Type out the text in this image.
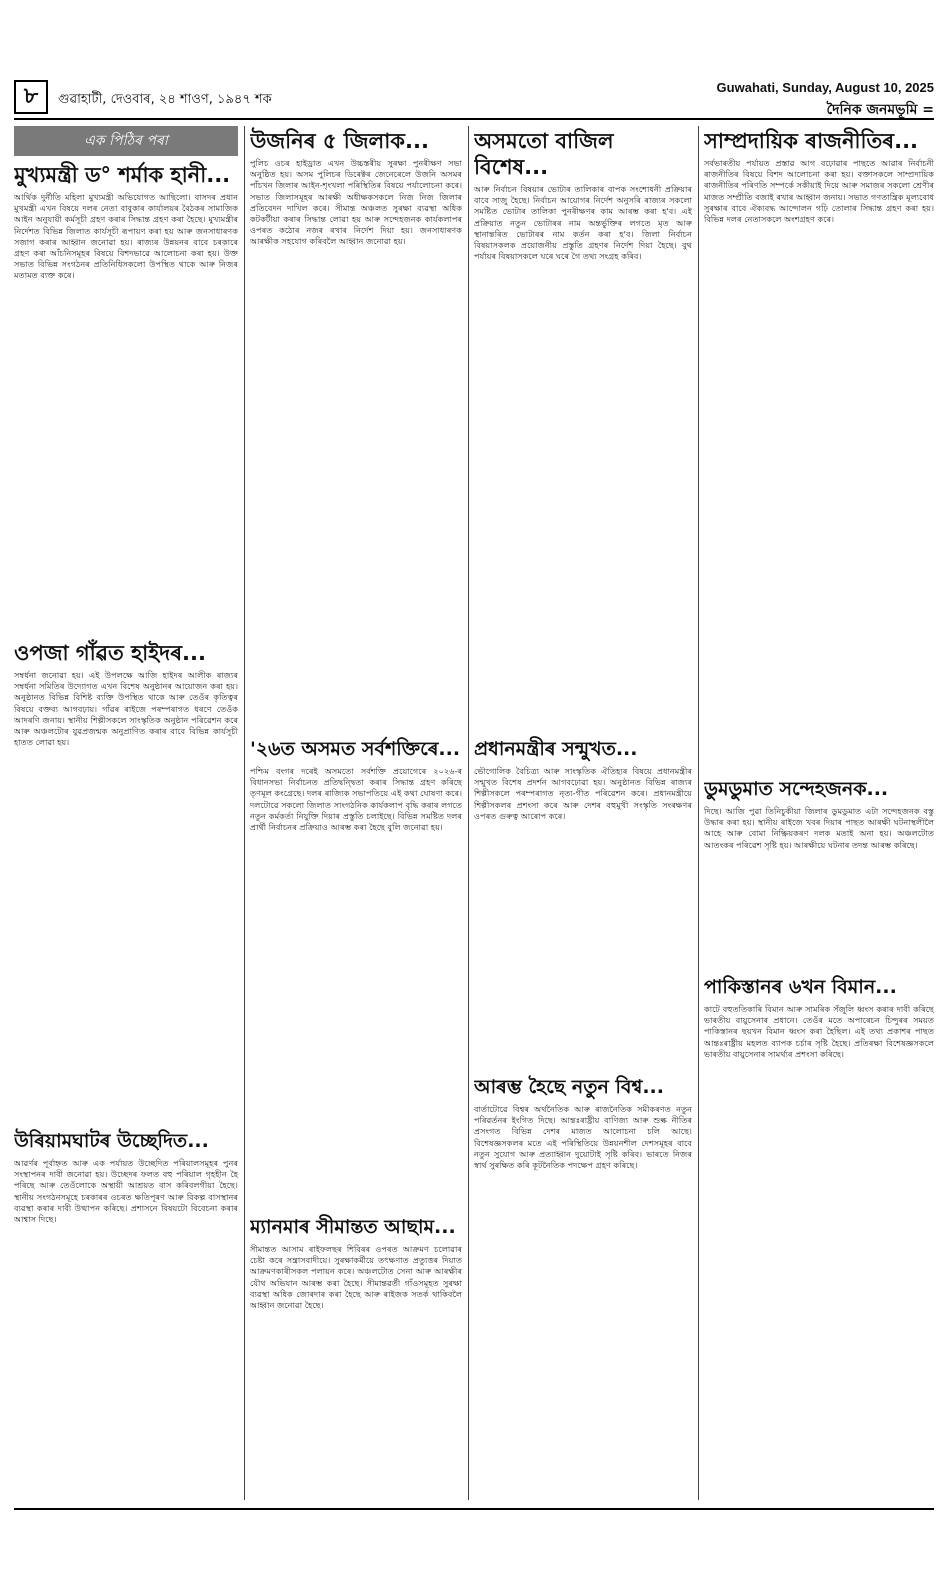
৮	গুৱাহাটী, দেওবাৰ, ২৪ শাওণ, ১৯৪৭ শক
Guwahati, Sunday, August 10, 2025
দৈনিক জনমভূমি =
এক পিঠিৰ পৰা
মুখ্যমন্ত্ৰী ড° শৰ্মাক হানী...
আৰ্থিক দুৰ্নীতি মহিলা মুখ্যমন্ত্ৰী অভিযোগত আছিলো। বাসদৰ প্ৰধান মুখমন্ত্ৰী এখন বিষয়ে দলৰ নেতা বাবুকাৰ কাৰ্যালয়ৰ বৈঠকৰ সামাজিক আইন অনুযায়ী কৰ্মসূচী গ্ৰহণ কৰাৰ সিদ্ধান্ত গ্ৰহণ কৰা হৈছে। মুখ্যমন্ত্ৰীৰ নিৰ্দেশত বিভিন্ন জিলাত কাৰ্যসূচী ৰূপায়ণ কৰা হয় আৰু জনসাধাৰণক সজাগ কৰাৰ আহ্বান জনোৱা হয়। ৰাজ্যৰ উন্নয়নৰ বাবে চৰকাৰে গ্ৰহণ কৰা আঁচনিসমূহৰ বিষয়ে বিশদভাৱে আলোচনা কৰা হয়। উক্ত সভাত বিভিন্ন সংগঠনৰ প্ৰতিনিধিসকলো উপস্থিত থাকে আৰু নিজৰ মতামত ব্যক্ত কৰে।
ওপজা গাঁৱত হাইদৰ...
সম্বৰ্ধনা জনোৱা হয়। এই উপলক্ষে আজি হাইদৰ আলীক ৰাজ্যৰ সম্বৰ্ধনা সমিতিৰ উদ্যোগত এখন বিশেষ অনুষ্ঠানৰ আয়োজন কৰা হয়। অনুষ্ঠানত বিভিন্ন বিশিষ্ট ব্যক্তি উপস্থিত থাকে আৰু তেওঁৰ কৃতিত্বৰ বিষয়ে বক্তব্য আগবঢ়ায়। গাঁৱৰ ৰাইজে পৰম্পৰাগত ধৰণে তেওঁক আদৰণি জনায়। স্থানীয় শিল্পীসকলে সাংস্কৃতিক অনুষ্ঠান পৰিৱেশন কৰে আৰু অঞ্চলটোৰ যুৱপ্ৰজন্মক অনুপ্ৰাণিত কৰাৰ বাবে বিভিন্ন কাৰ্যসূচী হাতত লোৱা হয়।
উৰিয়ামঘাটৰ উচ্ছেদিত...
আৱৰ্ণৰ পূৰ্বাহ্নত আৰু এক পৰ্যায়ত উচ্ছেদিত পৰিয়ালসমূহৰ পুনৰ সংস্থাপনৰ দাবী জনোৱা হয়। উচ্ছেদৰ ফলত বহু পৰিয়াল গৃহহীন হৈ পৰিছে আৰু তেওঁলোকে অস্থায়ী আশ্ৰয়ত বাস কৰিবলগীয়া হৈছে। স্থানীয় সংগঠনসমূহে চৰকাৰৰ ওচৰত ক্ষতিপূৰণ আৰু বিকল্প বাসস্থানৰ ব্যৱস্থা কৰাৰ দাবী উত্থাপন কৰিছে। প্ৰশাসনে বিষয়টো বিবেচনা কৰাৰ আশ্বাস দিছে।
উজনিৰ ৫ জিলাক...
পুলিচ ওচৰ হাইড্ৰাত এখন উচ্চস্তৰীয় সুৰক্ষা পুনৰীক্ষণ সভা অনুষ্ঠিত হয়। অসম পুলিচৰ ডিৰেক্টৰ জেনেৰেলে উজনি অসমৰ পাঁচখন জিলাৰ আইন-শৃংখলা পৰিস্থিতিৰ বিষয়ে পৰ্যালোচনা কৰে। সভাত জিলাসমূহৰ আৰক্ষী অধীক্ষকসকলে নিজ নিজ জিলাৰ প্ৰতিবেদন দাখিল কৰে। সীমান্ত অঞ্চলত সুৰক্ষা ব্যৱস্থা অধিক কটকটীয়া কৰাৰ সিদ্ধান্ত লোৱা হয় আৰু সন্দেহজনক কাৰ্যকলাপৰ ওপৰত কঠোৰ নজৰ ৰখাৰ নিৰ্দেশ দিয়া হয়। জনসাধাৰণক আৰক্ষীক সহযোগ কৰিবলৈ আহ্বান জনোৱা হয়।
'২৬ত অসমত সৰ্বশক্তিৰে...
পশ্চিম বংগৰ দৰেই অসমতো সৰ্বশক্তি প্ৰয়োগেৰে ২০২৬-ৰ বিধানসভা নিৰ্বাচনত প্ৰতিদ্বন্দ্বিতা কৰাৰ সিদ্ধান্ত গ্ৰহণ কৰিছে তৃণমূল কংগ্ৰেছে। দলৰ ৰাজ্যিক সভাপতিয়ে এই কথা ঘোষণা কৰে। দলটোৱে সকলো জিলাত সাংগঠনিক কাৰ্যকলাপ বৃদ্ধি কৰাৰ লগতে নতুন কৰ্মকৰ্তা নিযুক্তি দিয়াৰ প্ৰস্তুতি চলাইছে। বিভিন্ন সমষ্টিত দলৰ প্ৰাৰ্থী নিৰ্বাচনৰ প্ৰক্ৰিয়াও আৰম্ভ কৰা হৈছে বুলি জনোৱা হয়।
ম্যানমাৰ সীমান্তত আছাম...
সীমান্তত আসাম ৰাইফলছৰ শিবিৰৰ ওপৰত আক্ৰমণ চলোৱাৰ চেষ্টা কৰে সন্ত্ৰাসবাদীয়ে। সুৰক্ষাকৰ্মীয়ে তৎক্ষণাত প্ৰত্যুত্তৰ দিয়াত আক্ৰমণকাৰীসকল পলায়ন কৰে। অঞ্চলটোত সেনা আৰু আৰক্ষীৰ যৌথ অভিযান আৰম্ভ কৰা হৈছে। সীমান্তৱৰ্তী গাঁওসমূহত সুৰক্ষা ব্যৱস্থা অধিক জোৰদাৰ কৰা হৈছে আৰু ৰাইজক সতৰ্ক থাকিবলৈ আহ্বান জনোৱা হৈছে।
অসমতো বাজিল বিশেষ...
আৰু নিৰ্বাচন বিষয়াৰ ভোটাৰ তালিকাৰ বাপক সংশোধনী প্ৰক্ৰিয়াৰ বাবে সাজু হৈছে। নিৰ্বাচন আয়োগৰ নিৰ্দেশ অনুসৰি ৰাজ্যৰ সকলো সমষ্টিত ভোটাৰ তালিকা পুনৰীক্ষণৰ কাম আৰম্ভ কৰা হ'ব। এই প্ৰক্ৰিয়াত নতুন ভোটাৰৰ নাম অন্তৰ্ভুক্তিৰ লগতে মৃত আৰু স্থানান্তৰিত ভোটাৰৰ নাম কৰ্তন কৰা হ'ব। জিলা নিৰ্বাচন বিষয়াসকলক প্ৰয়োজনীয় প্ৰস্তুতি গ্ৰহণৰ নিৰ্দেশ দিয়া হৈছে। বুথ পৰ্যায়ৰ বিষয়াসকলে ঘৰে ঘৰে গৈ তথ্য সংগ্ৰহ কৰিব।
প্ৰধানমন্ত্ৰীৰ সন্মুখত...
ভৌগোলিক বৈচিত্ৰ্য আৰু সাংস্কৃতিক ঐতিহ্যৰ বিষয়ে প্ৰধানমন্ত্ৰীৰ সন্মুখত বিশেষ প্ৰদৰ্শন আগবঢ়োৱা হয়। অনুষ্ঠানত বিভিন্ন ৰাজ্যৰ শিল্পীসকলে পৰম্পৰাগত নৃত্য-গীত পৰিৱেশন কৰে। প্ৰধানমন্ত্ৰীয়ে শিল্পীসকলৰ প্ৰশংসা কৰে আৰু দেশৰ বহুমুখী সংস্কৃতি সংৰক্ষণৰ ওপৰত গুৰুত্ব আৰোপ কৰে।
আৰম্ভ হৈছে নতুন বিশ্ব...
বাৰ্তাটোৱে বিশ্বৰ অৰ্থনৈতিক আৰু ৰাজনৈতিক সমীকৰণত নতুন পৰিৱৰ্তনৰ ইংগিত দিছে। আন্তঃৰাষ্ট্ৰীয় বাণিজ্য আৰু শুল্ক নীতিৰ প্ৰসংগত বিভিন্ন দেশৰ মাজত আলোচনা চলি আছে। বিশেষজ্ঞসকলৰ মতে এই পৰিস্থিতিয়ে উন্নয়নশীল দেশসমূহৰ বাবে নতুন সুযোগ আৰু প্ৰত্যাহ্বান দুয়োটাই সৃষ্টি কৰিব। ভাৰতে নিজৰ স্বাৰ্থ সুৰক্ষিত কৰি কূটনৈতিক পদক্ষেপ গ্ৰহণ কৰিছে।
সাম্প্ৰদায়িক ৰাজনীতিৰ...
সৰ্বভাৰতীয় পৰ্যায়ত প্ৰস্তাৱ আগ বঢ়োৱাৰ পাছতে আৱাৰ নিৰ্বাচনী ৰাজনীতিৰ বিষয়ে বিশদ আলোচনা কৰা হয়। বক্তাসকলে সাম্প্ৰদায়িক ৰাজনীতিৰ পৰিণতি সম্পৰ্কে সকীয়াই দিয়ে আৰু সমাজৰ সকলো শ্ৰেণীৰ মাজত সম্প্ৰীতি বজাই ৰখাৰ আহ্বান জনায়। সভাত গণতান্ত্ৰিক মূল্যবোধ সুৰক্ষাৰ বাবে ঐক্যবদ্ধ আন্দোলন গঢ়ি তোলাৰ সিদ্ধান্ত গ্ৰহণ কৰা হয়। বিভিন্ন দলৰ নেতাসকলে অংশগ্ৰহণ কৰে।
ডুমডুমাত সন্দেহজনক...
দিছে। আজি পুৱা তিনিচুকীয়া জিলাৰ ডুমডুমাত এটা সন্দেহজনক বস্তু উদ্ধাৰ কৰা হয়। স্থানীয় ৰাইজে খবৰ দিয়াৰ পাছত আৰক্ষী ঘটনাস্থলীলৈ আহে আৰু বোমা নিষ্ক্ৰিয়কৰণ দলক মতাই অনা হয়। অঞ্চলটোত আতংকৰ পৰিৱেশ সৃষ্টি হয়। আৰক্ষীয়ে ঘটনাৰ তদন্ত আৰম্ভ কৰিছে।
পাকিস্তানৰ ৬খন বিমান...
কাটে বহুততিকাৰি বিমান আৰু সামৰিক সঁজুলি ধ্বংস কৰাৰ দাবী কৰিছে ভাৰতীয় বায়ুসেনাৰ প্ৰধানে। তেওঁৰ মতে অপাৰেচন চিন্দুৰৰ সময়ত পাকিস্তানৰ ছয়খন বিমান ধ্বংস কৰা হৈছিল। এই তথ্য প্ৰকাশৰ পাছত আন্তঃৰাষ্ট্ৰীয় মহলত ব্যাপক চৰ্চাৰ সৃষ্টি হৈছে। প্ৰতিৰক্ষা বিশেষজ্ঞসকলে ভাৰতীয় বায়ুসেনাৰ সামৰ্থ্যৰ প্ৰশংসা কৰিছে।
